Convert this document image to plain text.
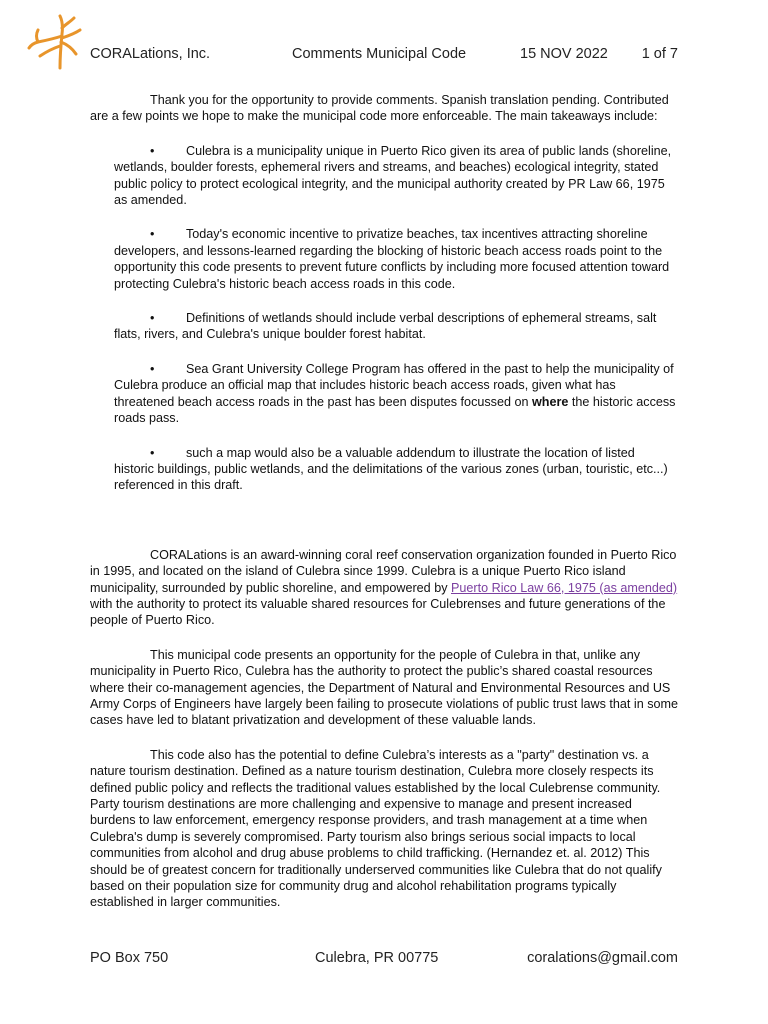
CORALations, Inc.	Comments Municipal Code	15 NOV 2022 1 of 7

Thank you for the opportunity to provide comments. Spanish translation pending. Contributed are a few points we hope to make the municipal code more enforceable. The main takeaways include:

•	Culebra is a municipality unique in Puerto Rico given its area of public lands (shoreline, wetlands, boulder forests, ephemeral rivers and streams, and beaches) ecological integrity, stated public policy to protect ecological integrity, and the municipal authority created by PR Law 66, 1975 as amended.

•	Today's economic incentive to privatize beaches, tax incentives attracting shoreline developers, and lessons-learned regarding the blocking of historic beach access roads point to the opportunity this code presents to prevent future conflicts by including more focused attention toward protecting Culebra's historic beach access roads in this code.

•	Definitions of wetlands should include verbal descriptions of ephemeral streams, salt flats, rivers, and Culebra's unique boulder forest habitat.

•	Sea Grant University College Program has offered in the past to help the municipality of Culebra produce an official map that includes historic beach access roads, given what has threatened beach access roads in the past has been disputes focussed on where the historic access roads pass.

•	such a map would also be a valuable addendum to illustrate the location of listed historic buildings, public wetlands, and the delimitations of the various zones (urban, touristic, etc...) referenced in this draft.

CORALations is an award-winning coral reef conservation organization founded in Puerto Rico in 1995, and located on the island of Culebra since 1999. Culebra is a unique Puerto Rico island municipality, surrounded by public shoreline, and empowered by Puerto Rico Law 66, 1975 (as amended) with the authority to protect its valuable shared resources for Culebrenses and future generations of the people of Puerto Rico.

This municipal code presents an opportunity for the people of Culebra in that, unlike any municipality in Puerto Rico, Culebra has the authority to protect the public’s shared coastal resources where their co-management agencies, the Department of Natural and Environmental Resources and US Army Corps of Engineers have largely been failing to prosecute violations of public trust laws that in some cases have led to blatant privatization and development of these valuable lands.

This code also has the potential to define Culebra’s interests as a "party" destination vs. a nature tourism destination. Defined as a nature tourism destination, Culebra more closely respects its defined public policy and reflects the traditional values established by the local Culebrense community. Party tourism destinations are more challenging and expensive to manage and present increased burdens to law enforcement, emergency response providers, and trash management at a time when Culebra's dump is severely compromised. Party tourism also brings serious social impacts to local communities from alcohol and drug abuse problems to child trafficking. (Hernandez et. al. 2012) This should be of greatest concern for traditionally underserved communities like Culebra that do not qualify based on their population size for community drug and alcohol rehabilitation programs typically established in larger communities.

PO Box 750	Culebra, PR 00775	coralations@gmail.com
